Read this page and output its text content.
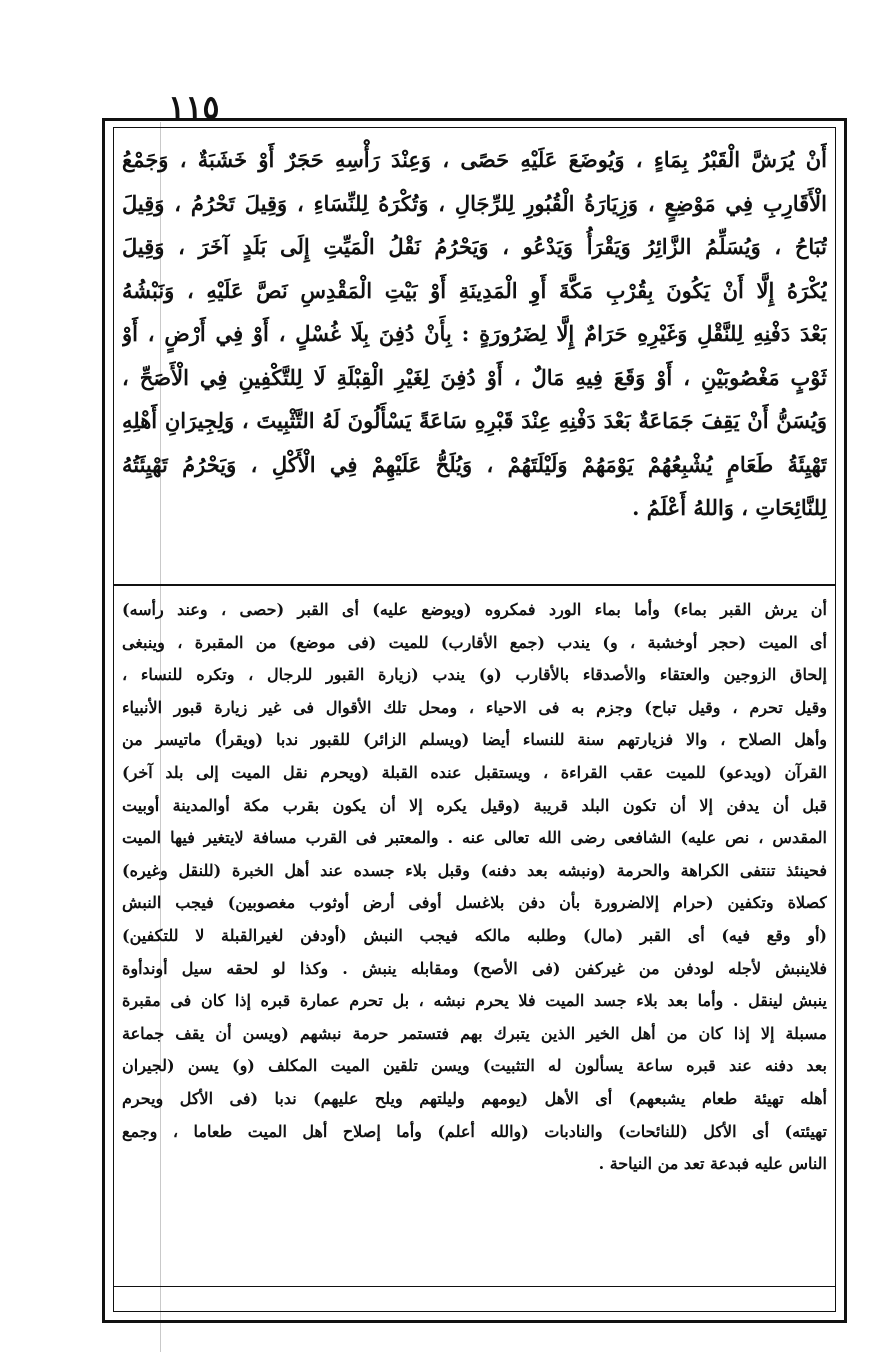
١١٥
أَنْ يُرَشَّ الْقَبْرُ بِمَاءٍ ، وَيُوضَعَ عَلَيْهِ حَصًى ، وَعِنْدَ رَأْسِهِ حَجَرٌ أَوْ خَشَبَةٌ ، وَجَمْعُ
الْأَقَارِبِ فِي مَوْضِعٍ ، وَزِيَارَةُ الْقُبُورِ لِلرِّجَالِ ، وَتُكْرَهُ لِلنِّسَاءِ ، وَقِيلَ تَحْرُمُ ، وَقِيلَ
تُبَاحُ ، وَيُسَلِّمُ الزَّائِرُ وَيَقْرَأُ وَيَدْعُو ، وَيَحْرُمُ نَقْلُ الْمَيِّتِ إِلَى بَلَدٍ آخَرَ ، وَقِيلَ
يُكْرَهُ إِلَّا أَنْ يَكُونَ بِقُرْبِ مَكَّةَ أَوِ الْمَدِينَةِ أَوْ بَيْتِ الْمَقْدِسِ نَصَّ عَلَيْهِ ، وَنَبْشُهُ
بَعْدَ دَفْنِهِ لِلنَّقْلِ وَغَيْرِهِ حَرَامٌ إِلَّا لِضَرُورَةٍ : بِأَنْ دُفِنَ بِلَا غُسْلٍ ، أَوْ فِي أَرْضٍ ، أَوْ
ثَوْبٍ مَغْصُوبَيْنِ ، أَوْ وَقَعَ فِيهِ مَالٌ ، أَوْ دُفِنَ لِغَيْرِ الْقِبْلَةِ لَا لِلتَّكْفِينِ فِي الْأَصَحِّ ،
وَيُسَنُّ أَنْ يَقِفَ جَمَاعَةٌ بَعْدَ دَفْنِهِ عِنْدَ قَبْرِهِ سَاعَةً يَسْأَلُونَ لَهُ التَّثْبِيتَ ، وَلِجِيرَانِ أَهْلِهِ
تَهْيِئَةُ طَعَامٍ يُشْبِعُهُمْ يَوْمَهُمْ وَلَيْلَتَهُمْ ، وَيُلَحُّ عَلَيْهِمْ فِي الْأَكْلِ ، وَيَحْرُمُ تَهْيِئَتُهُ
لِلنَّائِحَاتِ ، وَاللهُ أَعْلَمُ .
أن يرش القبر بماء) وأما بماء الورد فمكروه (ويوضع عليه) أى القبر (حصى ، وعند رأسه)
أى الميت (حجر أوخشبة ، و) يندب (جمع الأقارب) للميت (فى موضع) من المقبرة ، وينبغى
إلحاق الزوجين والعتقاء والأصدقاء بالأقارب (و) يندب (زيارة القبور للرجال ، وتكره للنساء ،
وقيل تحرم ، وقيل تباح) وجزم به فى الاحياء ، ومحل تلك الأقوال فى غير زيارة قبور الأنبياء
وأهل الصلاح ، والا فزيارتهم سنة للنساء أيضا (ويسلم الزائر) للقبور ندبا (ويقرأ) ماتيسر من
القرآن (ويدعو) للميت عقب القراءة ، ويستقبل عنده القبلة (ويحرم نقل الميت إلى بلد آخر)
قبل أن يدفن إلا أن تكون البلد قريبة (وقيل يكره إلا أن يكون بقرب مكة أوالمدينة أوبيت
المقدس ، نص عليه) الشافعى رضى الله تعالى عنه . والمعتبر فى القرب مسافة لايتغير فيها الميت
فحينئذ تنتفى الكراهة والحرمة (ونبشه بعد دفنه) وقبل بلاء جسده عند أهل الخبرة (للنقل وغيره)
كصلاة وتكفين (حرام إلالضرورة بأن دفن بلاغسل أوفى أرض أوثوب مغصوبين) فيجب النبش
(أو وقع فيه) أى القبر (مال) وطلبه مالكه فيجب النبش (أودفن لغيرالقبلة لا للتكفين)
فلاينبش لأجله لودفن من غيركفن (فى الأصح) ومقابله ينبش . وكذا لو لحقه سيل أوندأوة
ينبش لينقل . وأما بعد بلاء جسد الميت فلا يحرم نبشه ، بل تحرم عمارة قبره إذا كان فى مقبرة
مسبلة إلا إذا كان من أهل الخير الذين يتبرك بهم فتستمر حرمة نبشهم (ويسن أن يقف جماعة
بعد دفنه عند قبره ساعة يسألون له التثبيت) ويسن تلقين الميت المكلف (و) يسن (لجيران
أهله تهيئة طعام يشبعهم) أى الأهل (يومهم وليلتهم ويلح عليهم) ندبا (فى الأكل ويحرم
تهيئته) أى الأكل (للنائحات) والنادبات (والله أعلم) وأما إصلاح أهل الميت طعاما ، وجمع
الناس عليه فبدعة تعد من النياحة .
